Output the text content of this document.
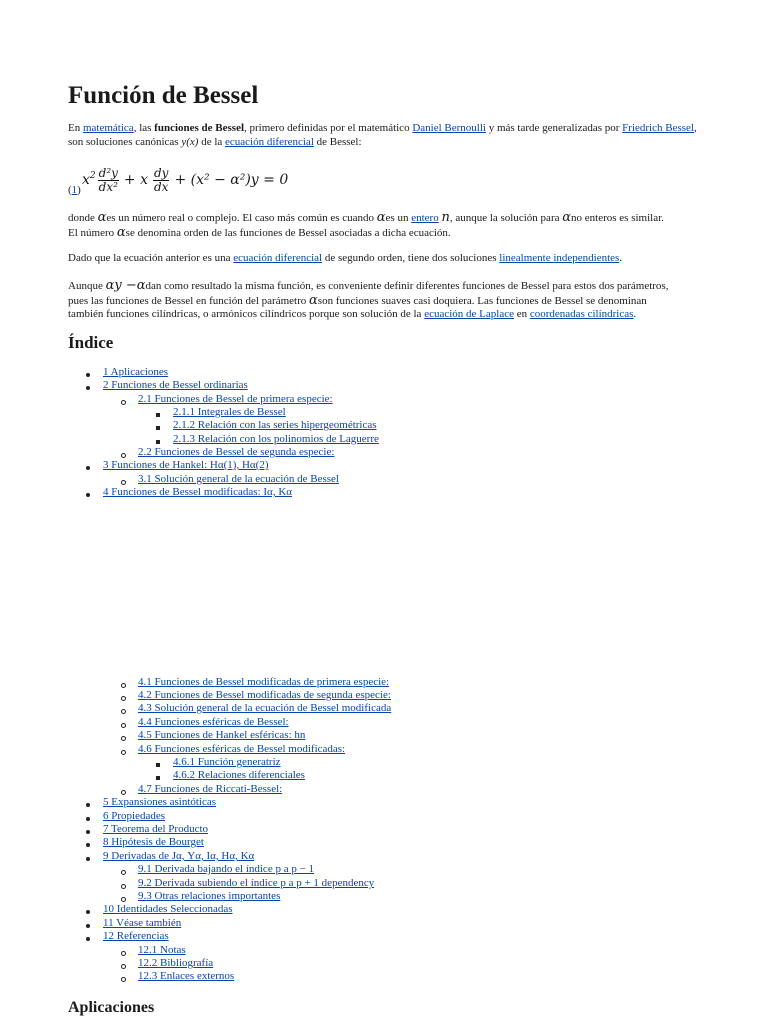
Función de Bessel

En matemática, las funciones de Bessel, primero definidas por el matemático Daniel Bernoulli y más tarde generalizadas por Friedrich Bessel, son soluciones canónicas y(x) de la ecuación diferencial de Bessel:

(1)
$x^2 \frac{\text{d²y}}{\text{dx²}} + x \frac{dy}{dx} + (x^2 - \alpha^2)y = 0$

donde αes un número real o complejo. El caso más común es cuando αes un entero n, aunque la solución para αno enteros es similar.
El número αse denomina orden de las funciones de Bessel asociadas a dicha ecuación.

Dado que la ecuación anterior es una ecuación diferencial de segundo orden, tiene dos soluciones linealmente independientes.

Aunque αy −αdan como resultado la misma función, es conveniente definir diferentes funciones de Bessel para estos dos parámetros,
pues las funciones de Bessel en función del parámetro αson funciones suaves casi doquiera. Las funciones de Bessel se denominan
también funciones cilíndricas, o armónicos cilíndricos porque son solución de la ecuación de Laplace en coordenadas cilíndricas.

Índice
1 Aplicaciones
2 Funciones de Bessel ordinarias
2.1 Funciones de Bessel de primera especie:
2.1.1 Integrales de Bessel
2.1.2 Relación con las series hipergeométricas
2.1.3 Relación con los polinomios de Laguerre
2.2 Funciones de Bessel de segunda especie:
3 Funciones de Hankel: Hα(1), Hα(2)
3.1 Solución general de la ecuación de Bessel
4 Funciones de Bessel modificadas: Iα, Kα
4.1 Funciones de Bessel modificadas de primera especie:
4.2 Funciones de Bessel modificadas de segunda especie:
4.3 Solución general de la ecuación de Bessel modificada
4.4 Funciones esféricas de Bessel:
4.5 Funciones de Hankel esféricas: hn
4.6 Funciones esféricas de Bessel modificadas:
4.6.1 Función generatriz
4.6.2 Relaciones diferenciales
4.7 Funciones de Riccati-Bessel:
5 Expansiones asintóticas
6 Propiedades
7 Teorema del Producto
8 Hipótesis de Bourget
9 Derivadas de Jα, Yα, Iα, Hα, Kα
9.1 Derivada bajando el índice p a p − 1
9.2 Derivada subiendo el índice p a p + 1 dependency
9.3 Otras relaciones importantes
10 Identidades Seleccionadas
11 Véase también
12 Referencias
12.1 Notas
12.2 Bibliografía
12.3 Enlaces externos
Aplicaciones
